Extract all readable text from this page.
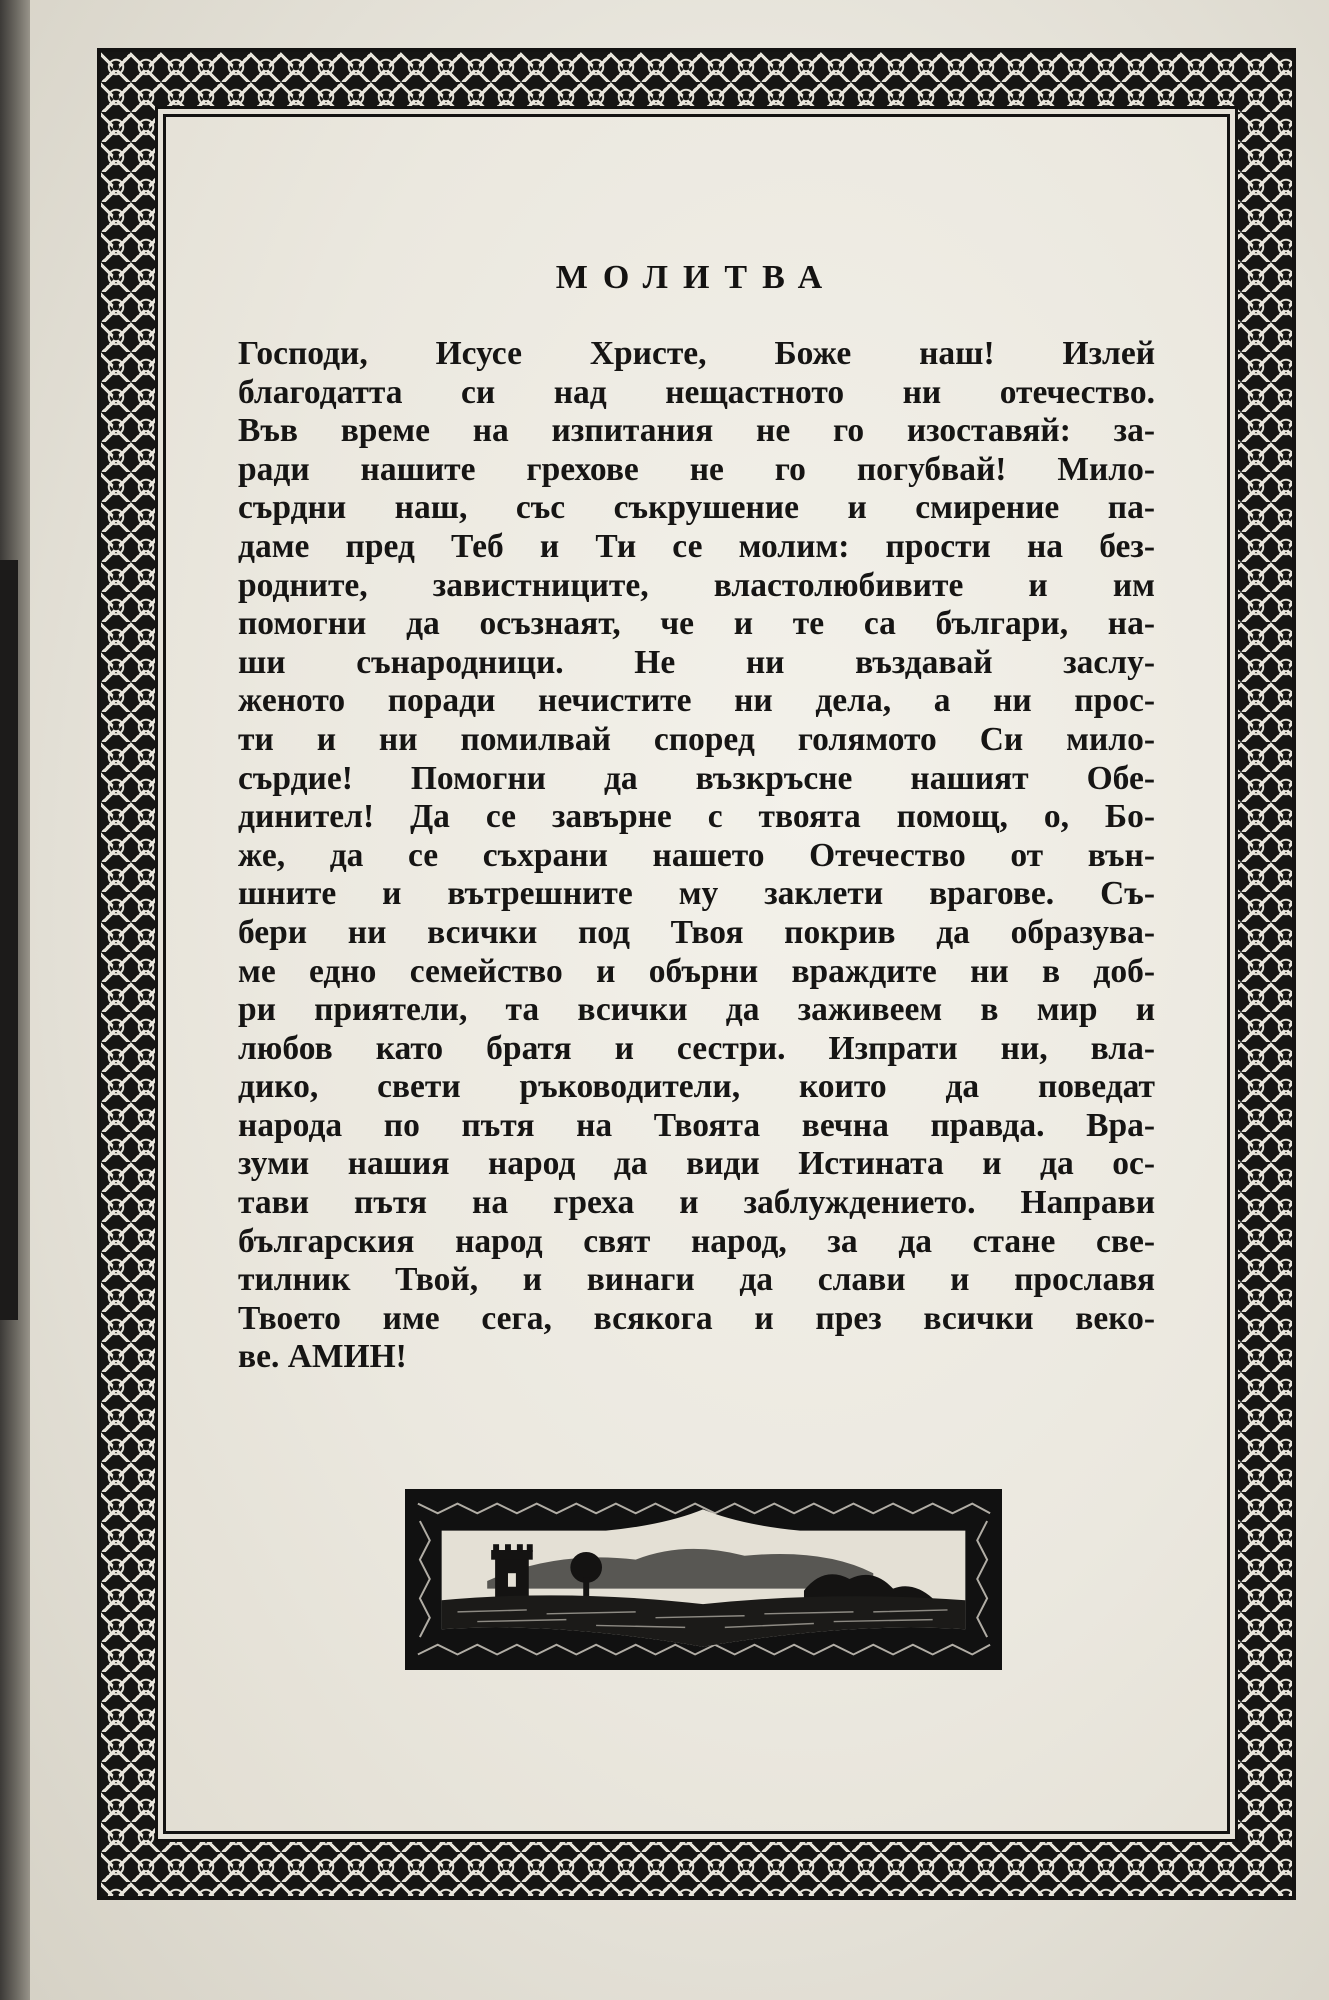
МОЛИТВА
Господи, Исусе Христе, Боже наш! Излей
благодатта си над нещастното ни отечество.
Във време на изпитания не го изоставяй: за-
ради нашите грехове не го погубвай! Мило-
сърдни наш, със съкрушение и смирение па-
даме пред Теб и Ти се молим: прости на без-
родните, завистниците, властолюбивите и им
помогни да осъзнаят, че и те са българи, на-
ши сънародници. Не ни въздавай заслу-
женото поради нечистите ни дела, а ни прос-
ти и ни помилвай според голямото Си мило-
сърдие! Помогни да възкръсне нашият Обе-
динител! Да се завърне с твоята помощ, о, Бо-
же, да се съхрани нашето Отечество от вън-
шните и вътрешните му заклети врагове. Съ-
бери ни всички под Твоя покрив да образува-
ме едно семейство и обърни враждите ни в доб-
ри приятели, та всички да заживеем в мир и
любов като братя и сестри. Изпрати ни, вла-
дико, свети ръководители, които да поведат
народа по пътя на Твоята вечна правда. Вра-
зуми нашия народ да види Истината и да ос-
тави пътя на греха и заблуждението. Направи
българския народ свят народ, за да стане све-
тилник Твой, и винаги да слави и прославя
Твоето име сега, всякога и през всички веко-
ве. АМИН!
